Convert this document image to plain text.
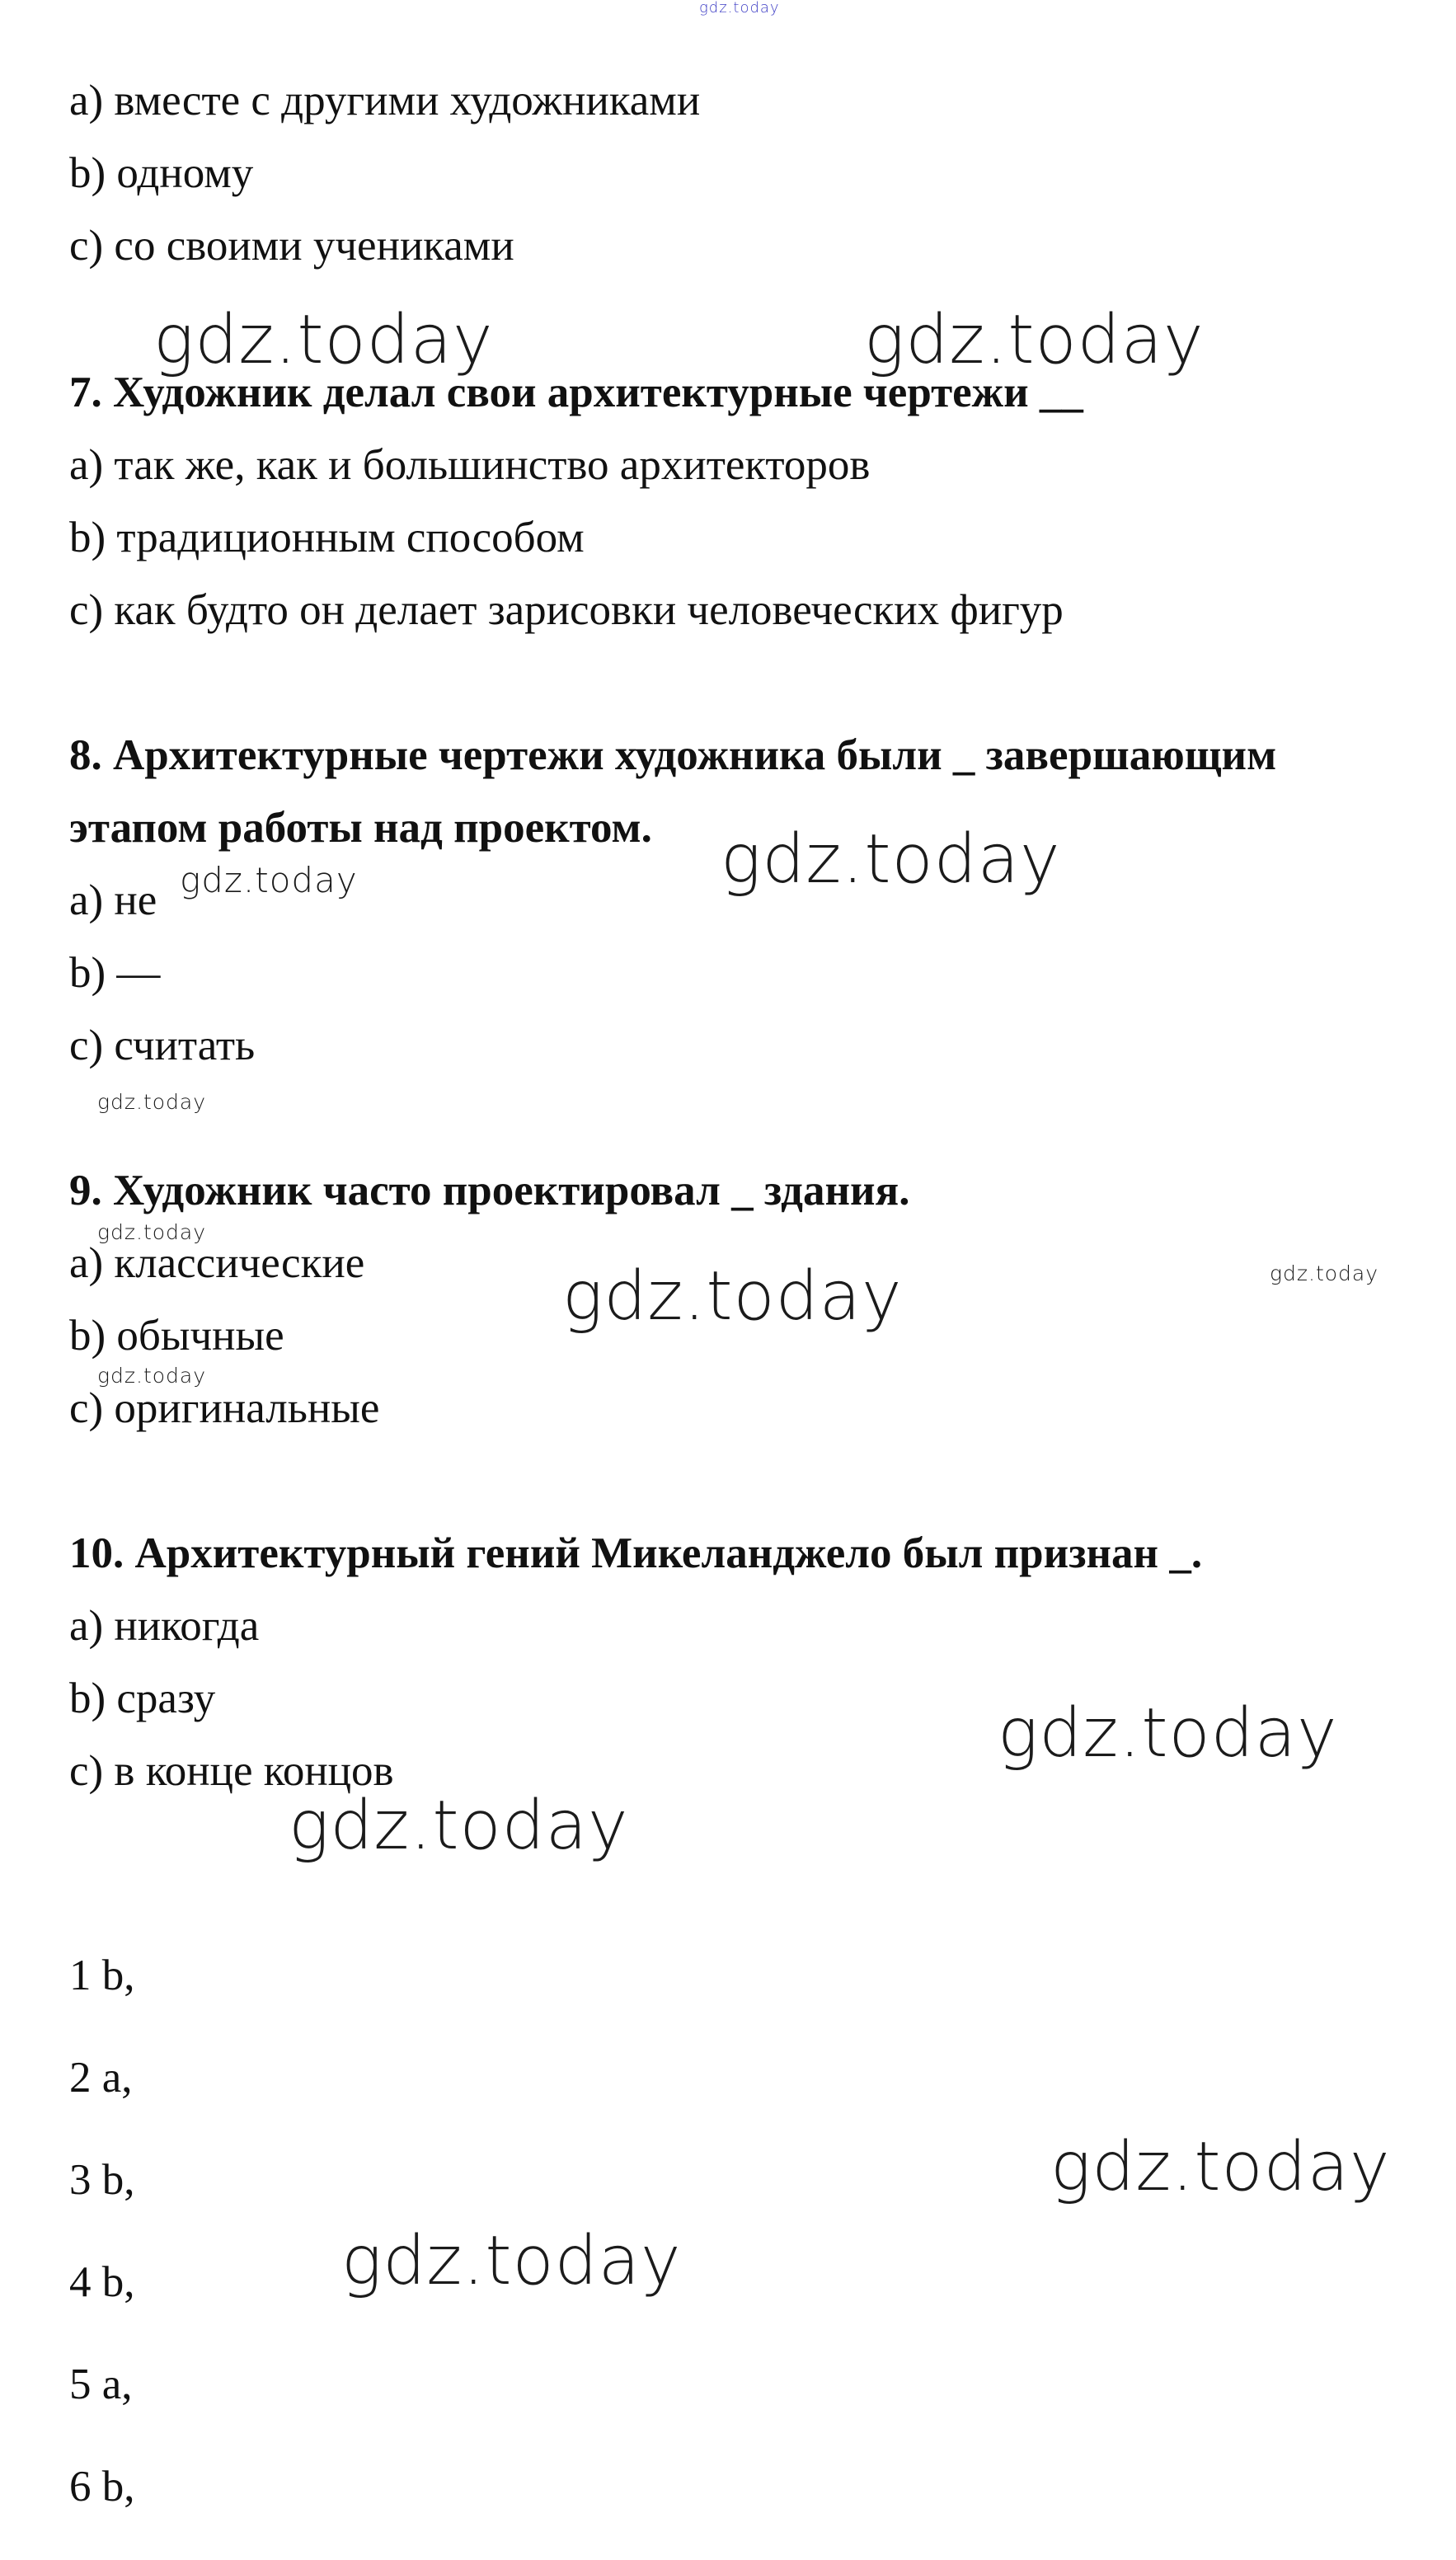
gdz.today
a) вместе с другими художниками
b) одному
c) со своими учениками
7. Художник делал свои архитектурные чертежи __
a) так же, как и большинство архитекторов
b) традиционным способом
c) как будто он делает зарисовки человеческих фигур
8. Архитектурные чертежи художника были _ завершающим
этапом работы над проектом.
a) не
b) —
c) считать
9. Художник часто проектировал _ здания.
a) классические
b) обычные
c) оригинальные
10. Архитектурный гений Микеланджело был признан _.
a) никогда
b) сразу
c) в конце концов
1 b,
2 a,
3 b,
4 b,
5 a,
6 b,
gdz.today	gdz.today
gdz.today
gdz.today
gdz.today
gdz.today
gdz.today	gdz.today
gdz.today
gdz.today
gdz.today
gdz.today
gdz.today
